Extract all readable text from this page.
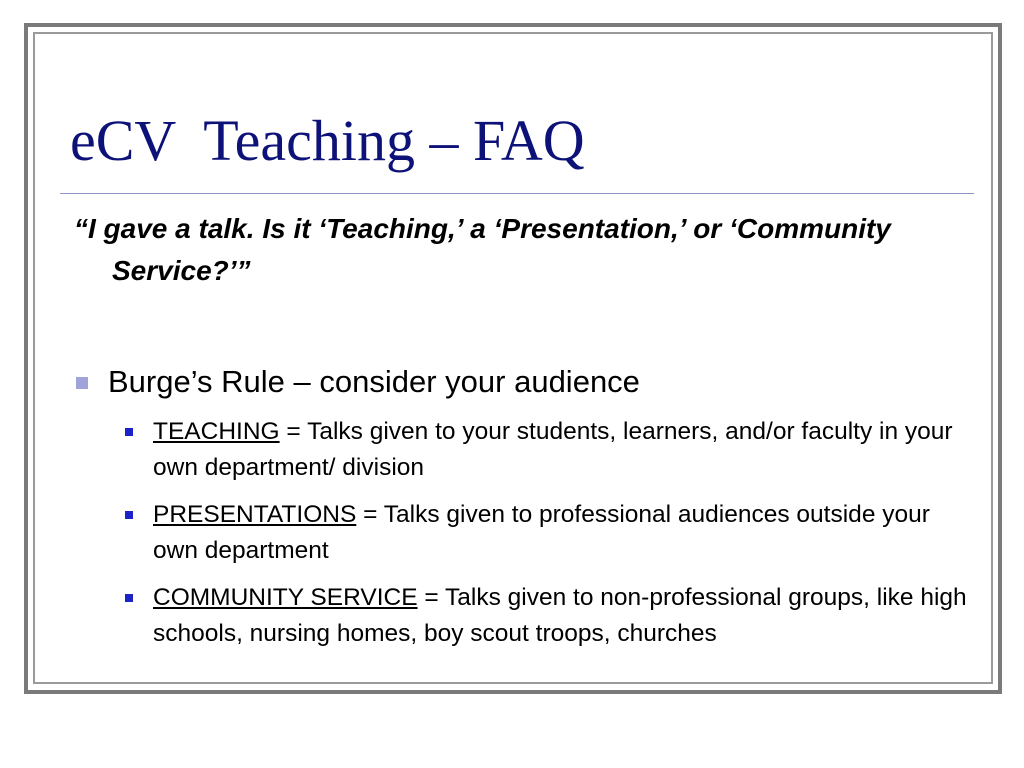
eCV  Teaching – FAQ

“I gave a talk. Is it ‘Teaching,’ a ‘Presentation,’ or ‘Community Service?’”

Burge’s Rule – consider your audience
TEACHING = Talks given to your students, learners, and/or faculty in your own department/ division
PRESENTATIONS = Talks given to professional audiences outside your own department
COMMUNITY SERVICE = Talks given to non-professional groups, like high schools, nursing homes, boy scout troops, churches
